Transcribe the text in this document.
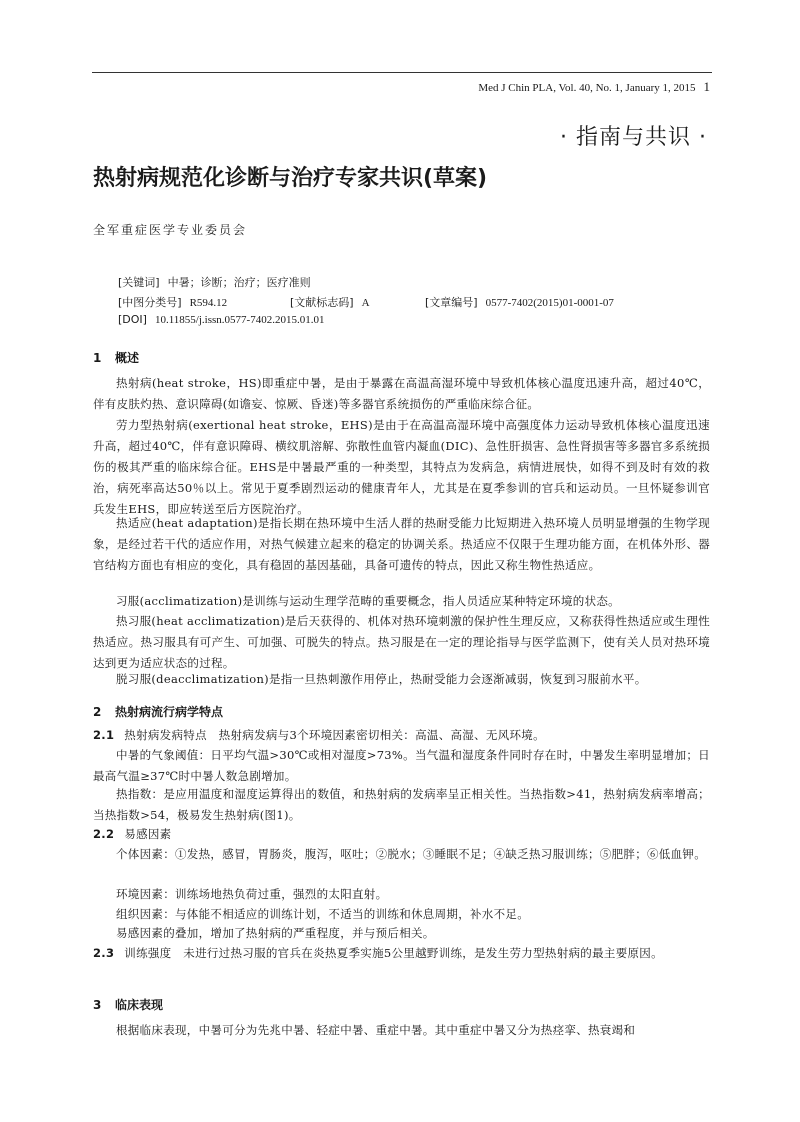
Med J Chin PLA, Vol. 40, No. 1, January 1, 2015 1
· 指南与共识 ·
热射病规范化诊断与治疗专家共识(草案)
全军重症医学专业委员会
[关键词] 中暑；诊断；治疗；医疗准则
[中图分类号] R594.12	[文献标志码] A	[文章编号] 0577-7402(2015)01-0001-07
[DOI] 10.11855/j.issn.0577-7402.2015.01.01
1 概述
热射病(heat stroke，HS)即重症中暑，是由于暴露在高温高湿环境中导致机体核心温度迅速升高，超过40℃，伴有皮肤灼热、意识障碍(如谵妄、惊厥、昏迷)等多器官系统损伤的严重临床综合征。
劳力型热射病(exertional heat stroke，EHS)是由于在高温高湿环境中高强度体力运动导致机体核心温度迅速升高，超过40℃，伴有意识障碍、横纹肌溶解、弥散性血管内凝血(DIC)、急性肝损害、急性肾损害等多器官多系统损伤的极其严重的临床综合征。EHS是中暑最严重的一种类型，其特点为发病急，病情进展快，如得不到及时有效的救治，病死率高达50％以上。常见于夏季剧烈运动的健康青年人，尤其是在夏季参训的官兵和运动员。一旦怀疑参训官兵发生EHS，即应转送至后方医院治疗。
热适应(heat adaptation)是指长期在热环境中生活人群的热耐受能力比短期进入热环境人员明显增强的生物学现象，是经过若干代的适应作用，对热气候建立起来的稳定的协调关系。热适应不仅限于生理功能方面，在机体外形、器官结构方面也有相应的变化，具有稳固的基因基础，具备可遗传的特点，因此又称生物性热适应。
习服(acclimatization)是训练与运动生理学范畴的重要概念，指人员适应某种特定环境的状态。
热习服(heat acclimatization)是后天获得的、机体对热环境刺激的保护性生理反应，又称获得性热适应或生理性热适应。热习服具有可产生、可加强、可脱失的特点。热习服是在一定的理论指导与医学监测下，使有关人员对热环境达到更为适应状态的过程。
脱习服(deacclimatization)是指一旦热刺激作用停止，热耐受能力会逐渐减弱，恢复到习服前水平。
2 热射病流行病学特点
2.1 热射病发病特点　热射病发病与3个环境因素密切相关：高温、高湿、无风环境。
中暑的气象阈值：日平均气温>30℃或相对湿度>73%。当气温和湿度条件同时存在时，中暑发生率明显增加；日最高气温≥37℃时中暑人数急剧增加。
热指数：是应用温度和湿度运算得出的数值，和热射病的发病率呈正相关性。当热指数>41，热射病发病率增高；当热指数>54，极易发生热射病(图1)。
2.2 易感因素
个体因素：①发热，感冒，胃肠炎，腹泻，呕吐；②脱水；③睡眠不足；④缺乏热习服训练；⑤肥胖；⑥低血钾。
环境因素：训练场地热负荷过重，强烈的太阳直射。
组织因素：与体能不相适应的训练计划，不适当的训练和休息周期，补水不足。
易感因素的叠加，增加了热射病的严重程度，并与预后相关。
2.3 训练强度　未进行过热习服的官兵在炎热夏季实施5公里越野训练，是发生劳力型热射病的最主要原因。
3 临床表现
根据临床表现，中暑可分为先兆中暑、轻症中暑、重症中暑。其中重症中暑又分为热痉挛、热衰竭和
